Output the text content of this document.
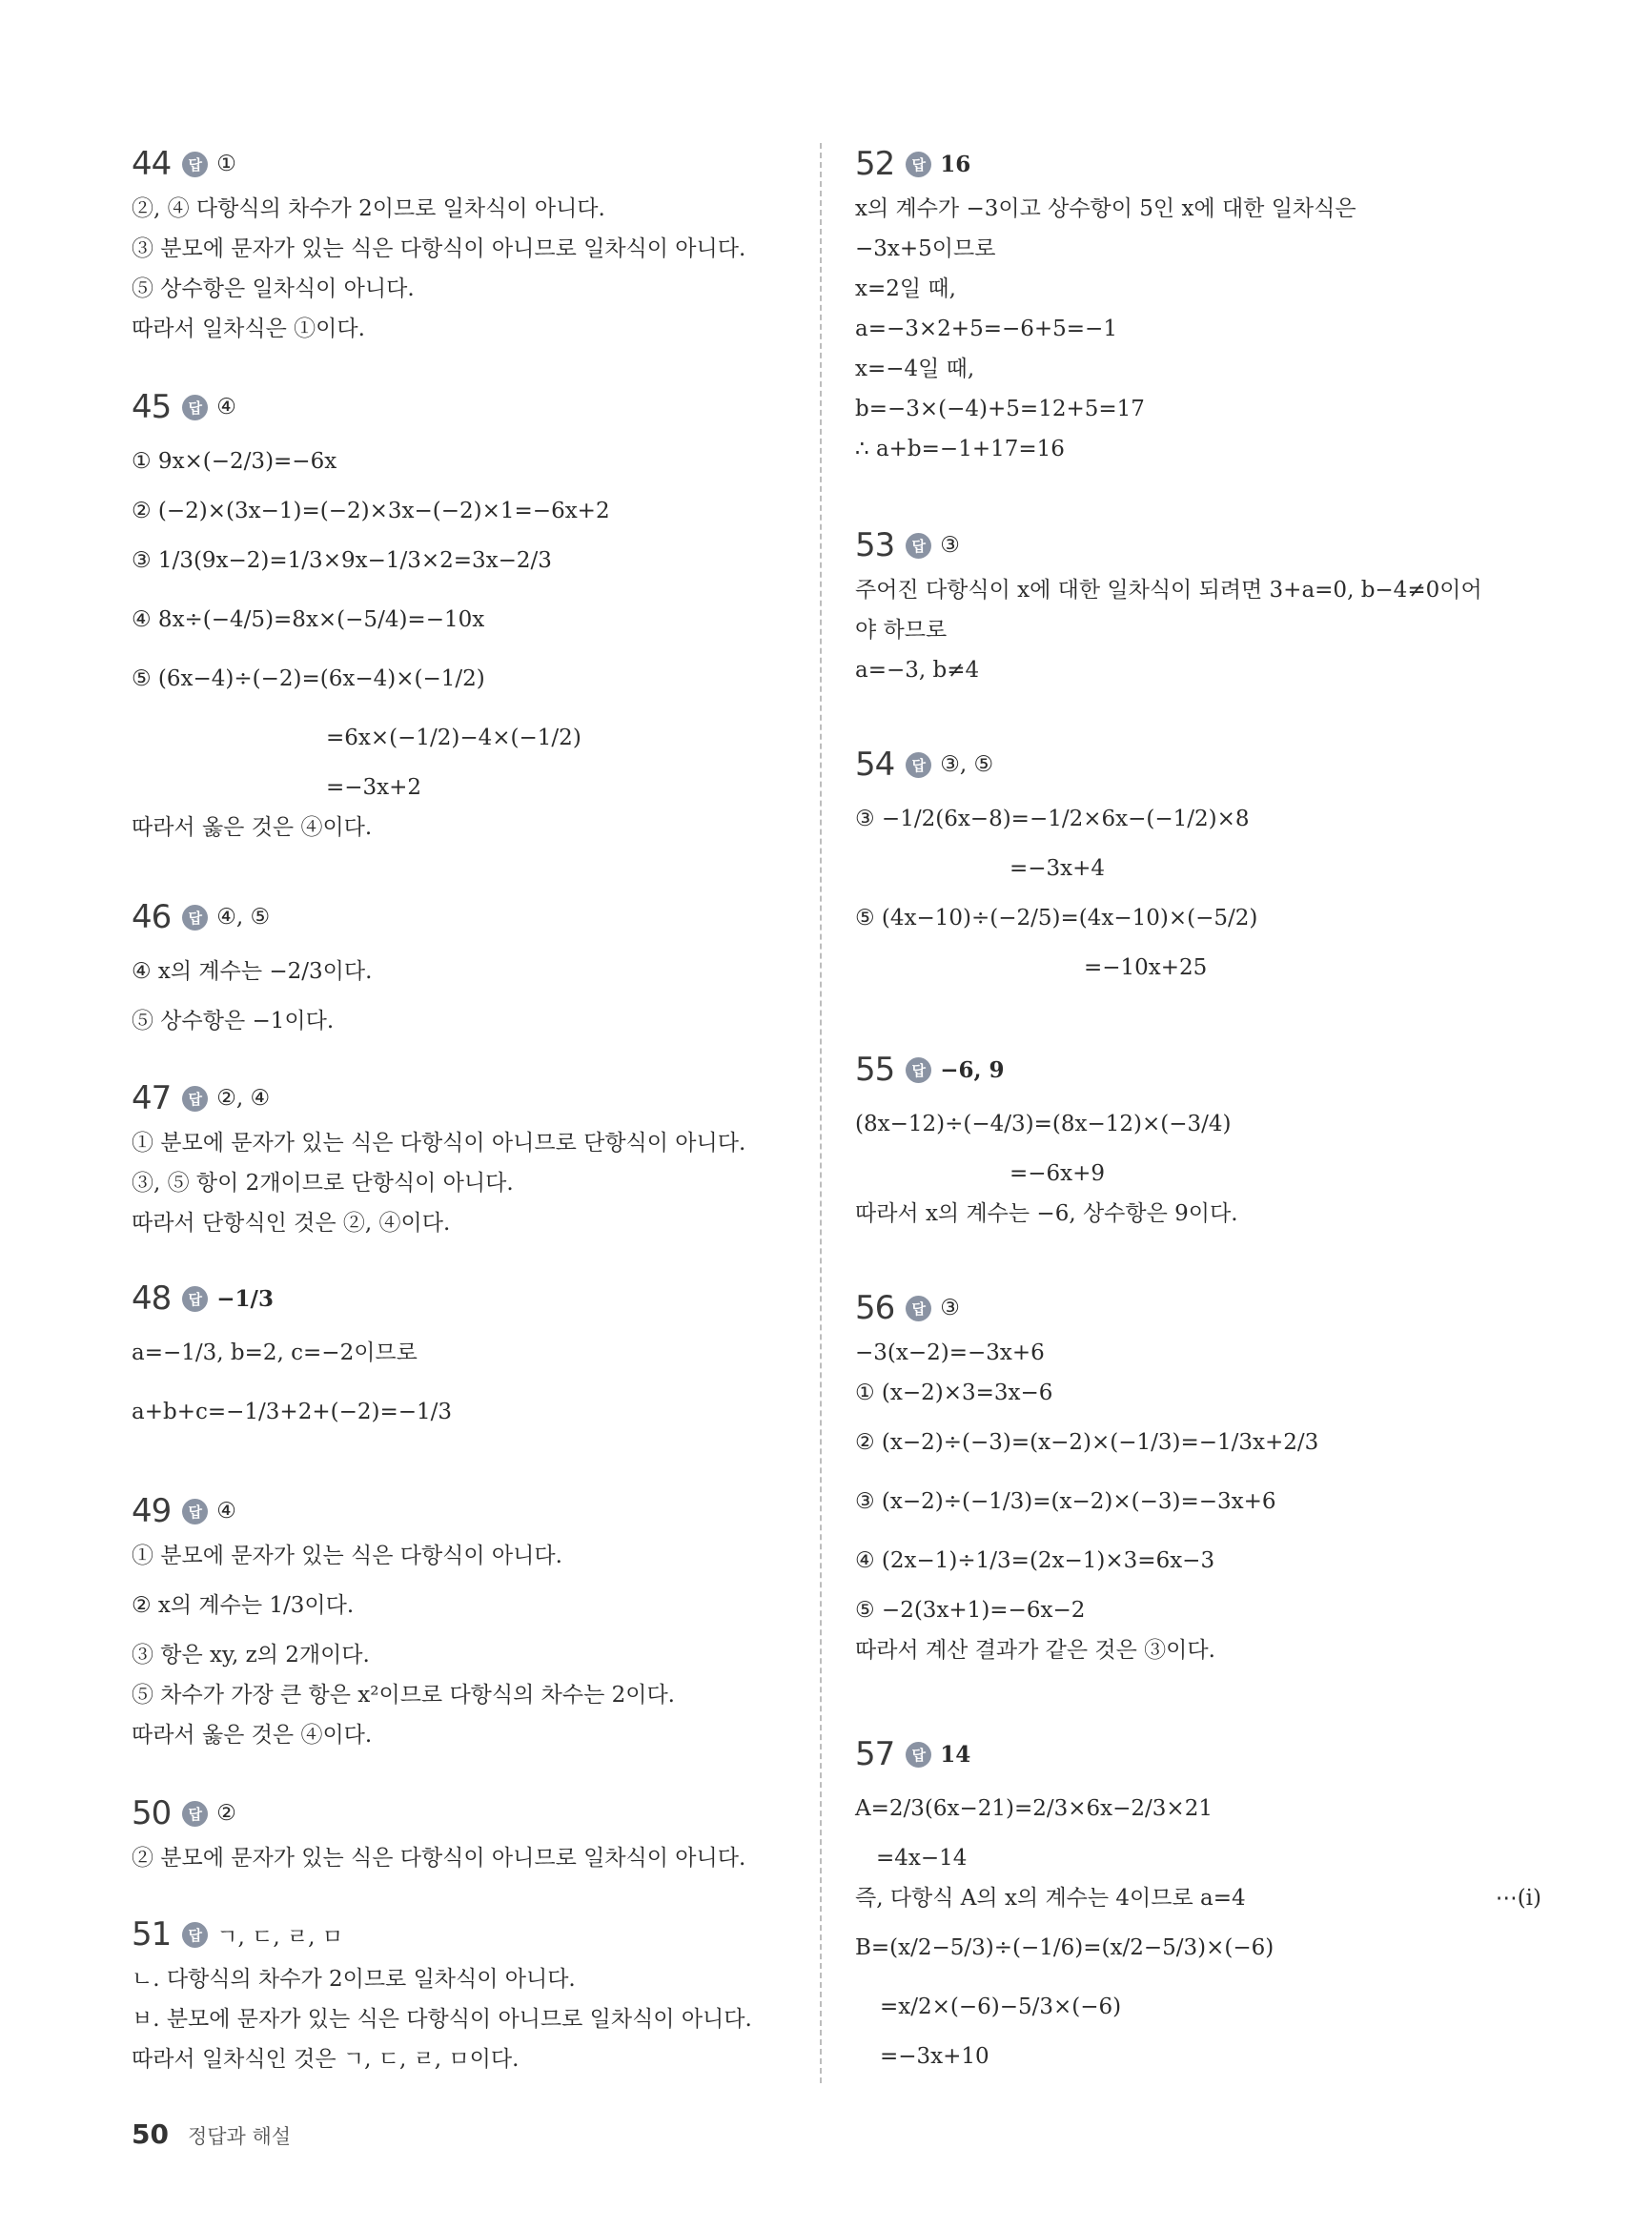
44	답 ①
②, ④ 다항식의 차수가 2이므로 일차식이 아니다.
③ 분모에 문자가 있는 식은 다항식이 아니므로 일차식이 아니다.
⑤ 상수항은 일차식이 아니다.
따라서 일차식은 ①이다.
45	답 ④
① 9x×(−2/3)=−6x
② (−2)×(3x−1)=(−2)×3x−(−2)×1=−6x+2
③ 1/3(9x−2)=1/3×9x−1/3×2=3x−2/3
④ 8x÷(−4/5)=8x×(−5/4)=−10x
⑤ (6x−4)÷(−2)=(6x−4)×(−1/2)
=6x×(−1/2)−4×(−1/2)
=−3x+2
따라서 옳은 것은 ④이다.
46	답 ④, ⑤
④ x의 계수는 −2/3이다.
⑤ 상수항은 −1이다.
47	답 ②, ④
① 분모에 문자가 있는 식은 다항식이 아니므로 단항식이 아니다.
③, ⑤ 항이 2개이므로 단항식이 아니다.
따라서 단항식인 것은 ②, ④이다.
48	답 −1/3
a=−1/3, b=2, c=−2이므로
a+b+c=−1/3+2+(−2)=−1/3
49	답 ④
① 분모에 문자가 있는 식은 다항식이 아니다.
② x의 계수는 1/3이다.
③ 항은 xy, z의 2개이다.
⑤ 차수가 가장 큰 항은 x²이므로 다항식의 차수는 2이다.
따라서 옳은 것은 ④이다.
50	답 ②
② 분모에 문자가 있는 식은 다항식이 아니므로 일차식이 아니다.
51	답 ㄱ, ㄷ, ㄹ, ㅁ
ㄴ. 다항식의 차수가 2이므로 일차식이 아니다.
ㅂ. 분모에 문자가 있는 식은 다항식이 아니므로 일차식이 아니다.
따라서 일차식인 것은 ㄱ, ㄷ, ㄹ, ㅁ이다.
52	답 16
x의 계수가 −3이고 상수항이 5인 x에 대한 일차식은
−3x+5이므로
x=2일 때,
a=−3×2+5=−6+5=−1
x=−4일 때,
b=−3×(−4)+5=12+5=17
∴ a+b=−1+17=16
53	답 ③
주어진 다항식이 x에 대한 일차식이 되려면 3+a=0, b−4≠0이어
야 하므로
a=−3, b≠4
54	답 ③, ⑤
③ −1/2(6x−8)=−1/2×6x−(−1/2)×8
=−3x+4
⑤ (4x−10)÷(−2/5)=(4x−10)×(−5/2)
=−10x+25
55	답 −6, 9
(8x−12)÷(−4/3)=(8x−12)×(−3/4)
=−6x+9
따라서 x의 계수는 −6, 상수항은 9이다.
56	답 ③
−3(x−2)=−3x+6
① (x−2)×3=3x−6
② (x−2)÷(−3)=(x−2)×(−1/3)=−1/3x+2/3
③ (x−2)÷(−1/3)=(x−2)×(−3)=−3x+6
④ (2x−1)÷1/3=(2x−1)×3=6x−3
⑤ −2(3x+1)=−6x−2
따라서 계산 결과가 같은 것은 ③이다.
57	답 14
A=2/3(6x−21)=2/3×6x−2/3×21
=4x−14
즉, 다항식 A의 x의 계수는 4이므로 a=4	⋯(i)
B=(x/2−5/3)÷(−1/6)=(x/2−5/3)×(−6)
=x/2×(−6)−5/3×(−6)
=−3x+10
50 정답과 해설
